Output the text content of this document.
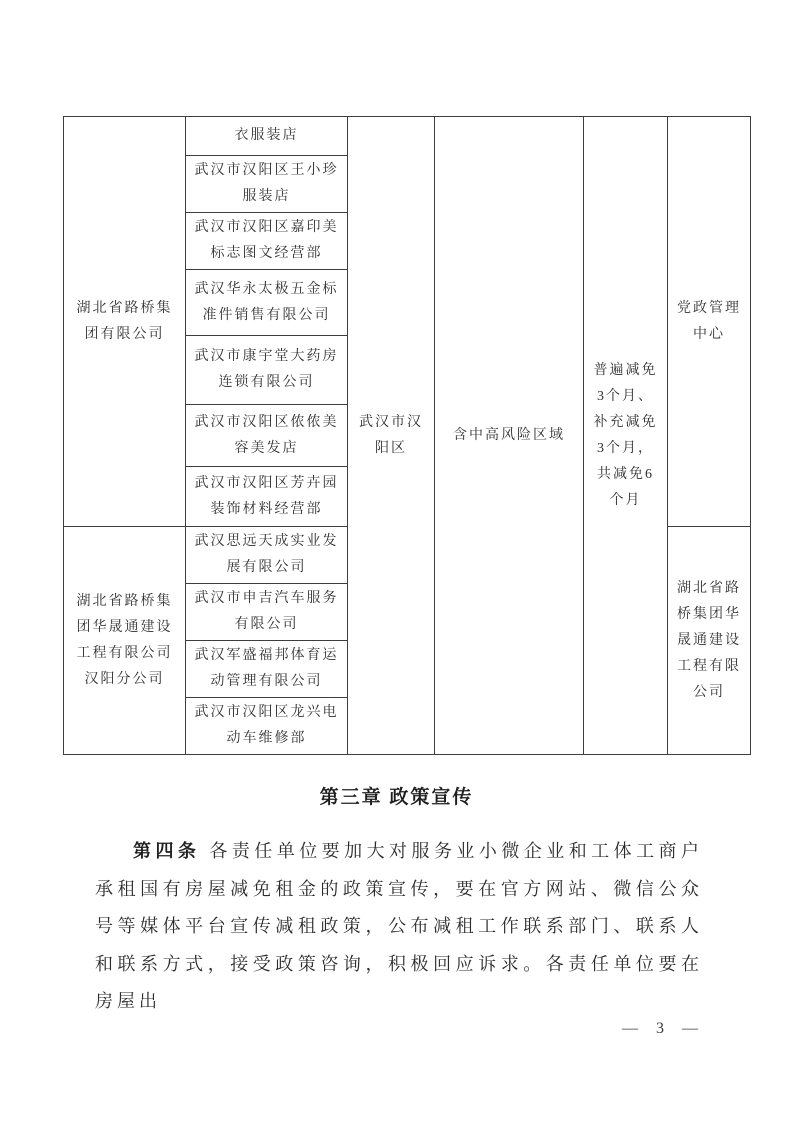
湖北省路桥集团有限公司	衣服装店	武汉市汉阳区	含中高风险区域	普遍减免3个月、补充减免3个月，共减免6个月	党政管理中心
	武汉市汉阳区王小珍服装店				
	武汉市汉阳区嘉印美标志图文经营部				
	武汉华永太极五金标准件销售有限公司				
	武汉市康宇堂大药房连锁有限公司				
	武汉市汉阳区侬侬美容美发店				
	武汉市汉阳区芳卉园装饰材料经营部				
湖北省路桥集团华晟通建设工程有限公司汉阳分公司	武汉思远天成实业发展有限公司				湖北省路桥集团华晟通建设工程有限公司
	武汉市申吉汽车服务有限公司				
	武汉军盛福邦体育运动管理有限公司				
	武汉市汉阳区龙兴电动车维修部				
第三章 政策宣传

第四条 各责任单位要加大对服务业小微企业和工体工商户承租国有房屋减免租金的政策宣传，要在官方网站、微信公众号等媒体平台宣传减租政策，公布减租工作联系部门、联系人和联系方式，接受政策咨询，积极回应诉求。各责任单位要在房屋出

— 3 —
